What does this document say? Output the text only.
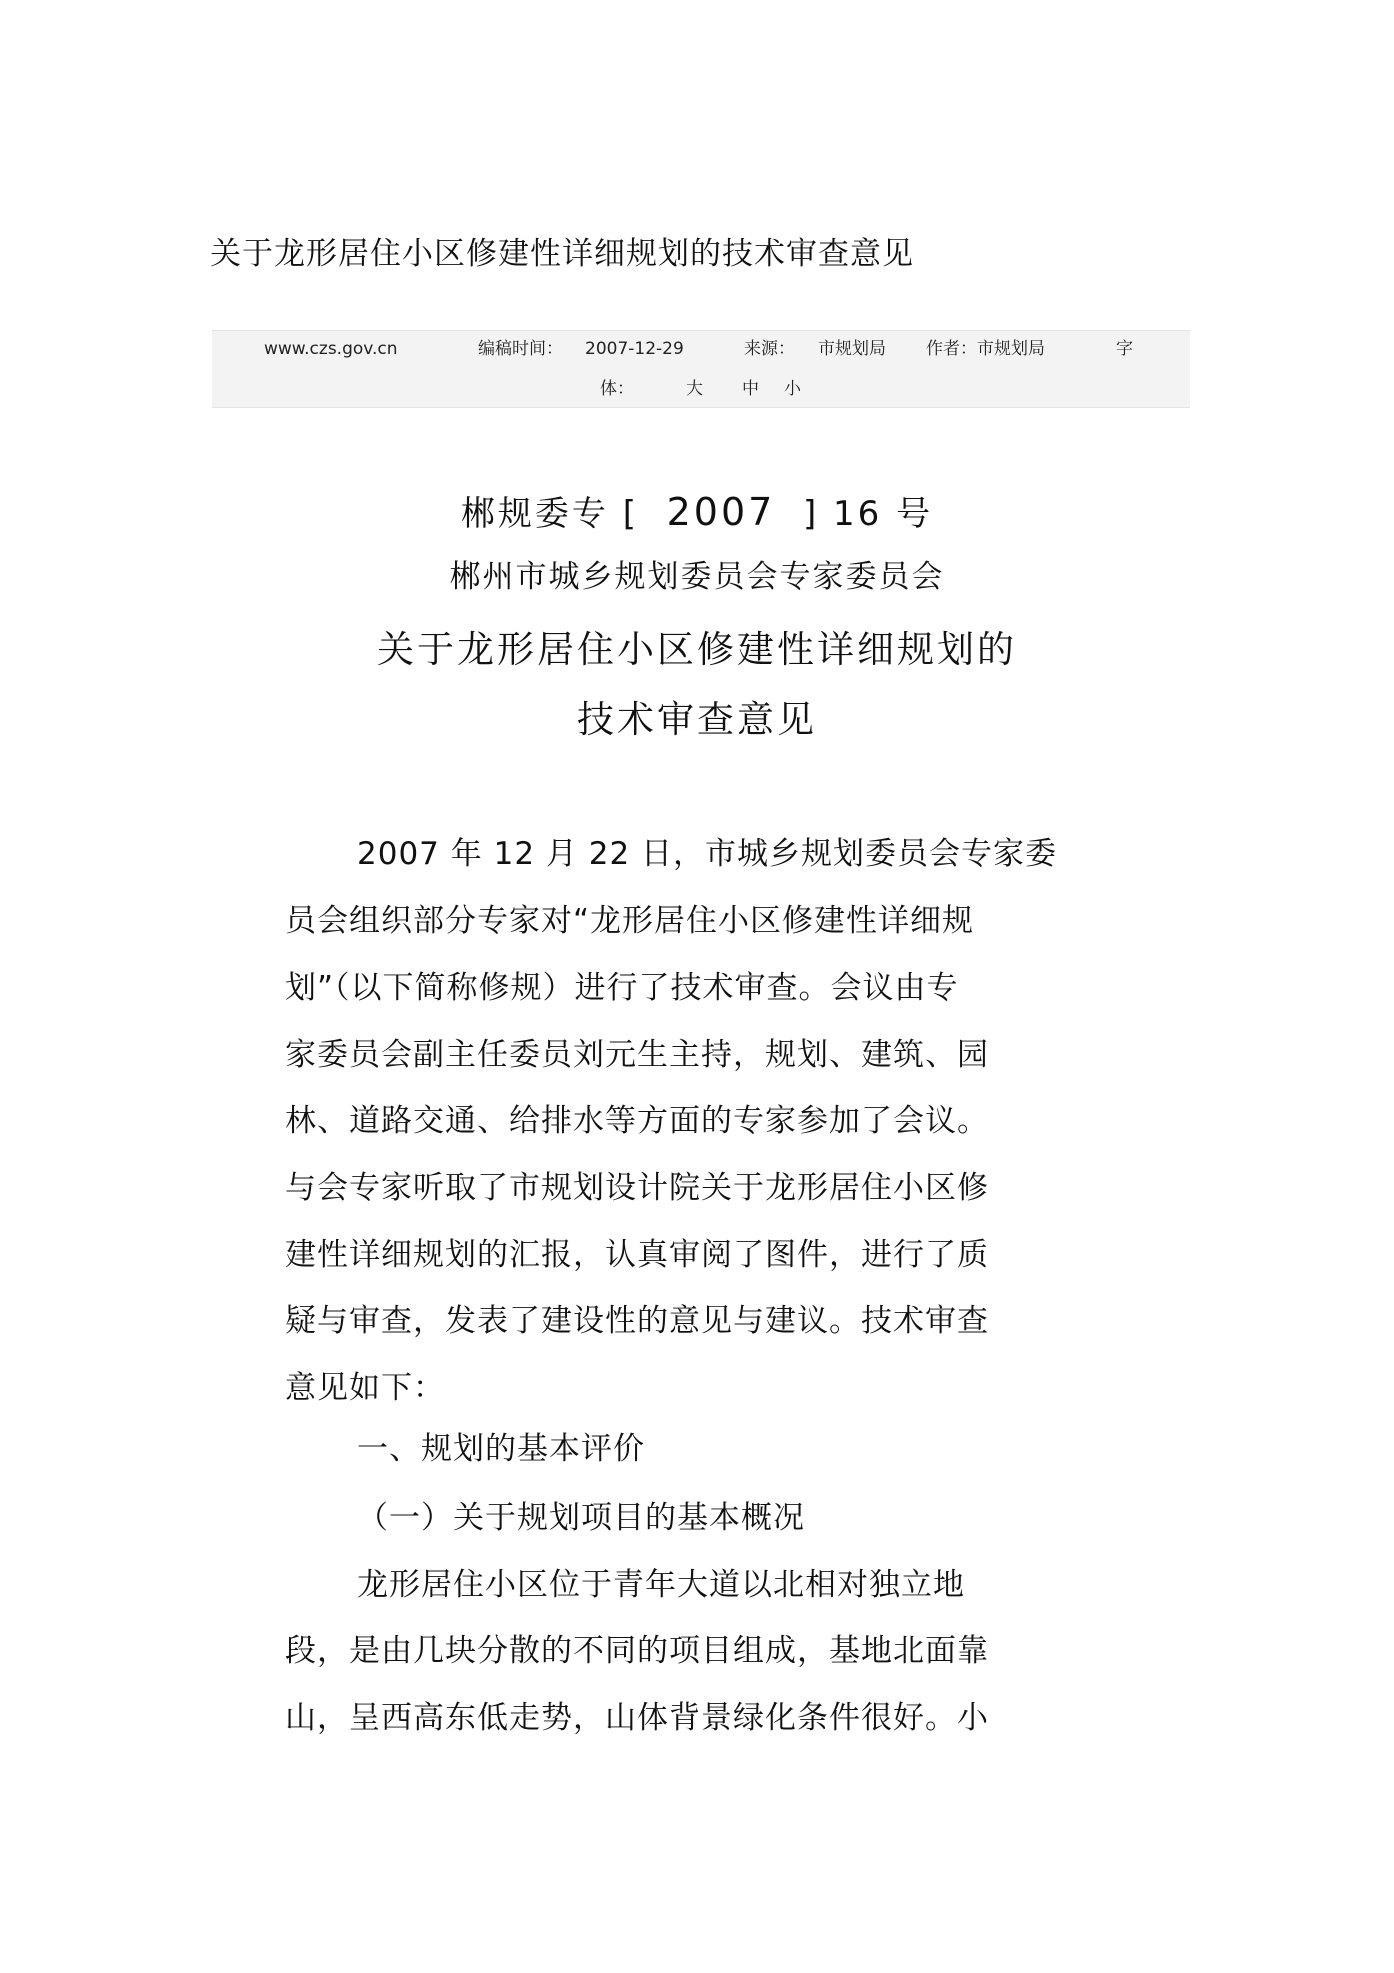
关于龙形居住小区修建性详细规划的技术审查意见
www.czs.gov.cn	编稿时间： 2007-12-29	来源： 市规划局 作者：市规划局	字
体：	大 中 小
郴规委专 [ 2007 ] 16 号
郴州市城乡规划委员会专家委员会
关于龙形居住小区修建性详细规划的
技术审查意见
2007 年 12 月 22 日，市城乡规划委员会专家委
员会组织部分专家对“龙形居住小区修建性详细规
划”（以下简称修规）进行了技术审查。会议由专
家委员会副主任委员刘元生主持，规划、建筑、园
林、道路交通、给排水等方面的专家参加了会议。
与会专家听取了市规划设计院关于龙形居住小区修
建性详细规划的汇报，认真审阅了图件，进行了质
疑与审查，发表了建设性的意见与建议。技术审查
意见如下：
一、规划的基本评价
（一）关于规划项目的基本概况
龙形居住小区位于青年大道以北相对独立地
段，是由几块分散的不同的项目组成，基地北面靠
山，呈西高东低走势，山体背景绿化条件很好。小
